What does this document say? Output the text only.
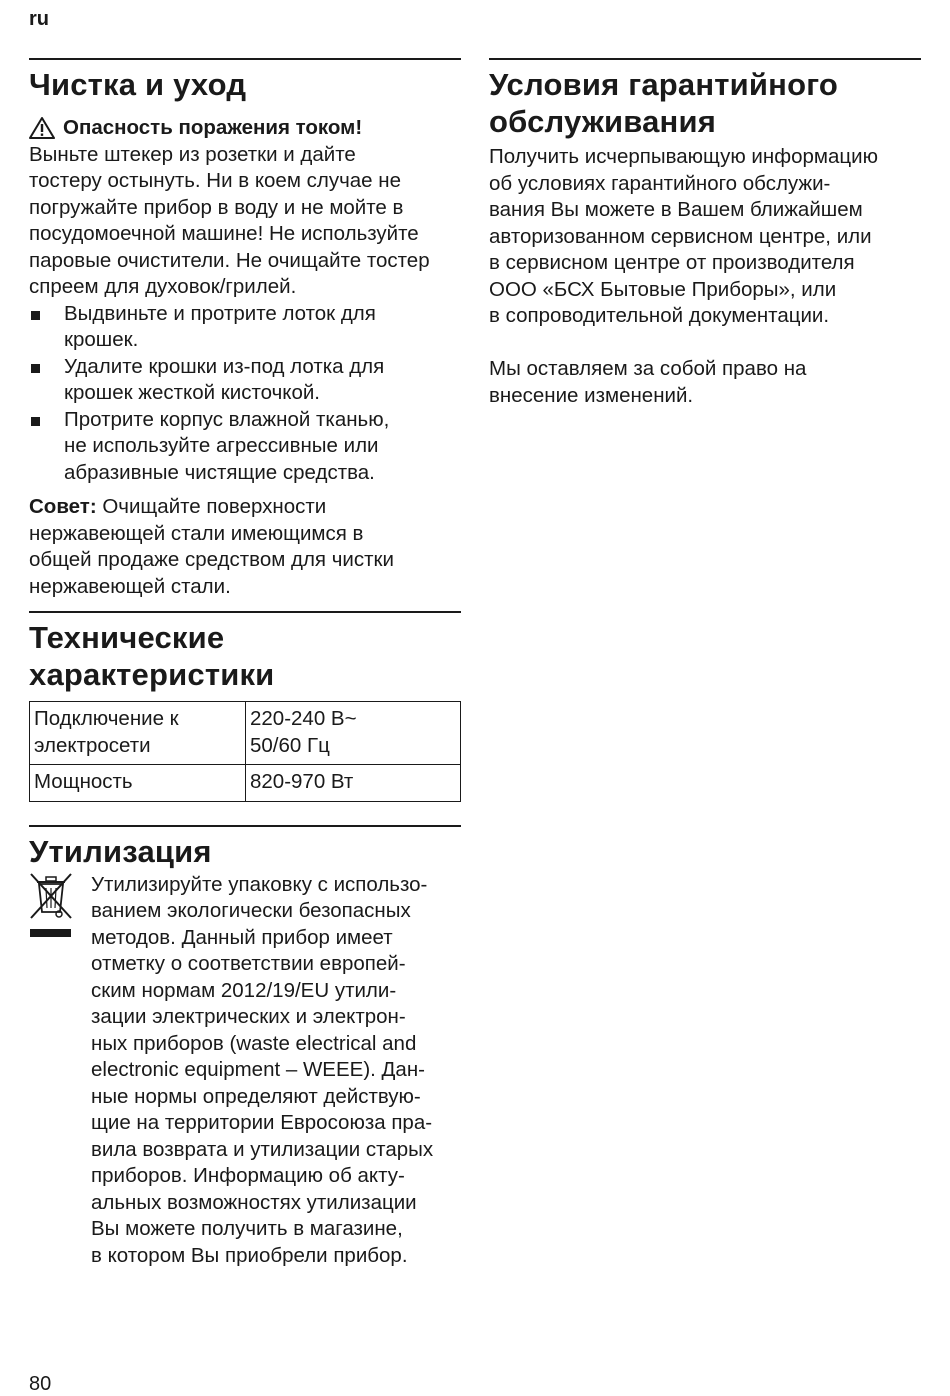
ru
Чистка и уход
Опасность поражения током!

Выньте штекер из розетки и дайте
тостеру остынуть. Ни в коем случае не
погружайте прибор в воду и не мойте в
посудомоечной машине! Не используйте
паровые очистители. Не очищайте тостер
спреем для духовок/грилей.

Выдвиньте и протрите лоток для
крошек.
Удалите крошки из-под лотка для
крошек жесткой кисточкой.
Протрите корпус влажной тканью,
не используйте агрессивные или
абразивные чистящие средства.

Совет: Очищайте поверхности
нержавеющей стали имеющимся в
общей продаже средством для чистки
нержавеющей стали.

Технические
характеристики
Подключение к
электросети	220-240 В~
50/60 Гц
Мощность	820-970 Вт
Утилизация
Утилизируйте упаковку с использо-
ванием экологически безопасных
методов. Данный прибор имеет
отметку о соответствии европей-
ским нормам 2012/19/EU утили-
зации электрических и электрон-
ных приборов (waste electrical and
electronic equipment – WEEE). Дан-
ные нормы определяют действую-
щие на территории Евросоюза пра-
вила возврата и утилизации старых
приборов. Информацию об акту-
альных возможностях утилизации
Вы можете получить в магазине,
в котором Вы приобрели прибор.
Условия гарантийного
обслуживания

Получить исчерпывающую информацию
об условиях гарантийного обслужи-
вания Вы можете в Вашем ближайшем
авторизованном сервисном центре, или
в сервисном центре от производителя
ООО «БСХ Бытовые Приборы», или
в сопроводительной документации.

Мы оставляем за собой право на
внесение изменений.

80
